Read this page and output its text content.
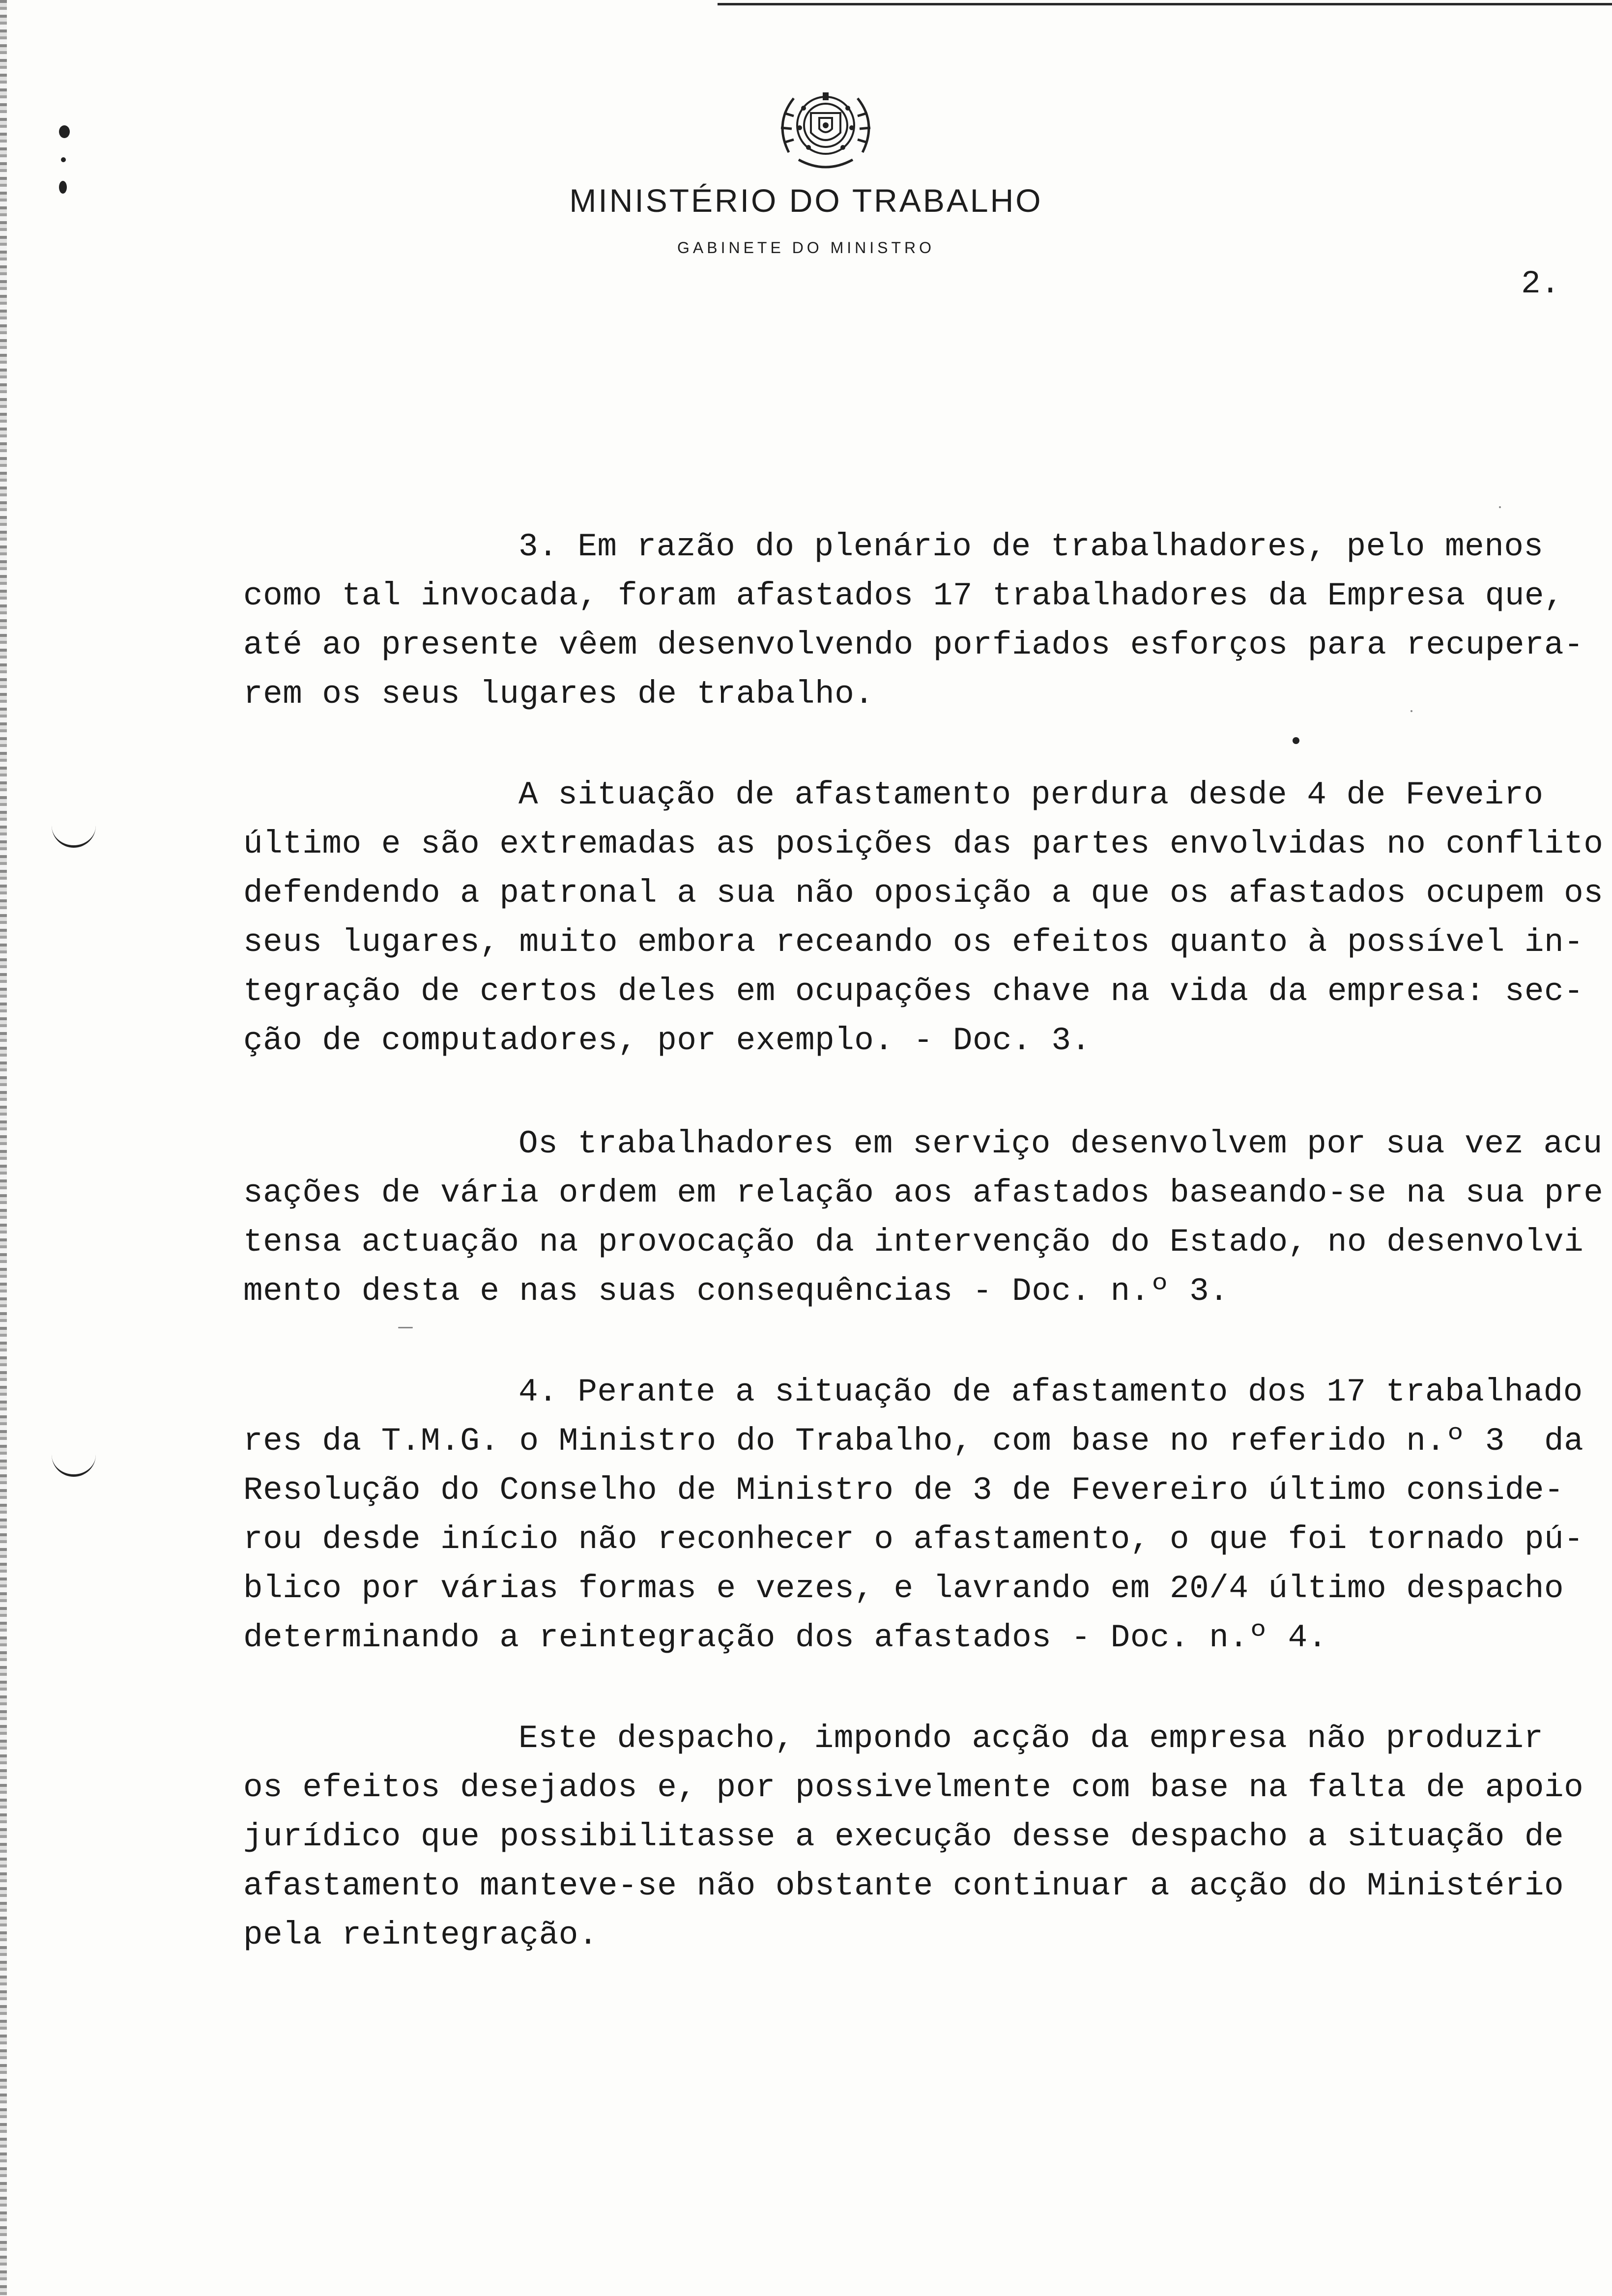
MINISTÉRIO DO TRABALHO
GABINETE DO MINISTRO
2.
3. Em razão do plenário de trabalhadores, pelo menos
como tal invocada, foram afastados 17 trabalhadores da Empresa que,
até ao presente vêem desenvolvendo porfiados esforços para recupera-
rem os seus lugares de trabalho.
A situação de afastamento perdura desde 4 de Feveiro
último e são extremadas as posições das partes envolvidas no conflito
defendendo a patronal a sua não oposição a que os afastados ocupem os
seus lugares, muito embora receando os efeitos quanto à possível in-
tegração de certos deles em ocupações chave na vida da empresa: sec-
ção de computadores, por exemplo. - Doc. 3.
Os trabalhadores em serviço desenvolvem por sua vez acu
sações de vária ordem em relação aos afastados baseando-se na sua pre
tensa actuação na provocação da intervenção do Estado, no desenvolvi
mento desta e nas suas consequências - Doc. n.º 3.
4. Perante a situação de afastamento dos 17 trabalhado
res da T.M.G. o Ministro do Trabalho, com base no referido n.º 3  da
Resolução do Conselho de Ministro de 3 de Fevereiro último conside-
rou desde início não reconhecer o afastamento, o que foi tornado pú-
blico por várias formas e vezes, e lavrando em 20/4 último despacho
determinando a reintegração dos afastados - Doc. n.º 4.
Este despacho, impondo acção da empresa não produzir
os efeitos desejados e, por possivelmente com base na falta de apoio
jurídico que possibilitasse a execução desse despacho a situação de
afastamento manteve-se não obstante continuar a acção do Ministério
pela reintegração.
